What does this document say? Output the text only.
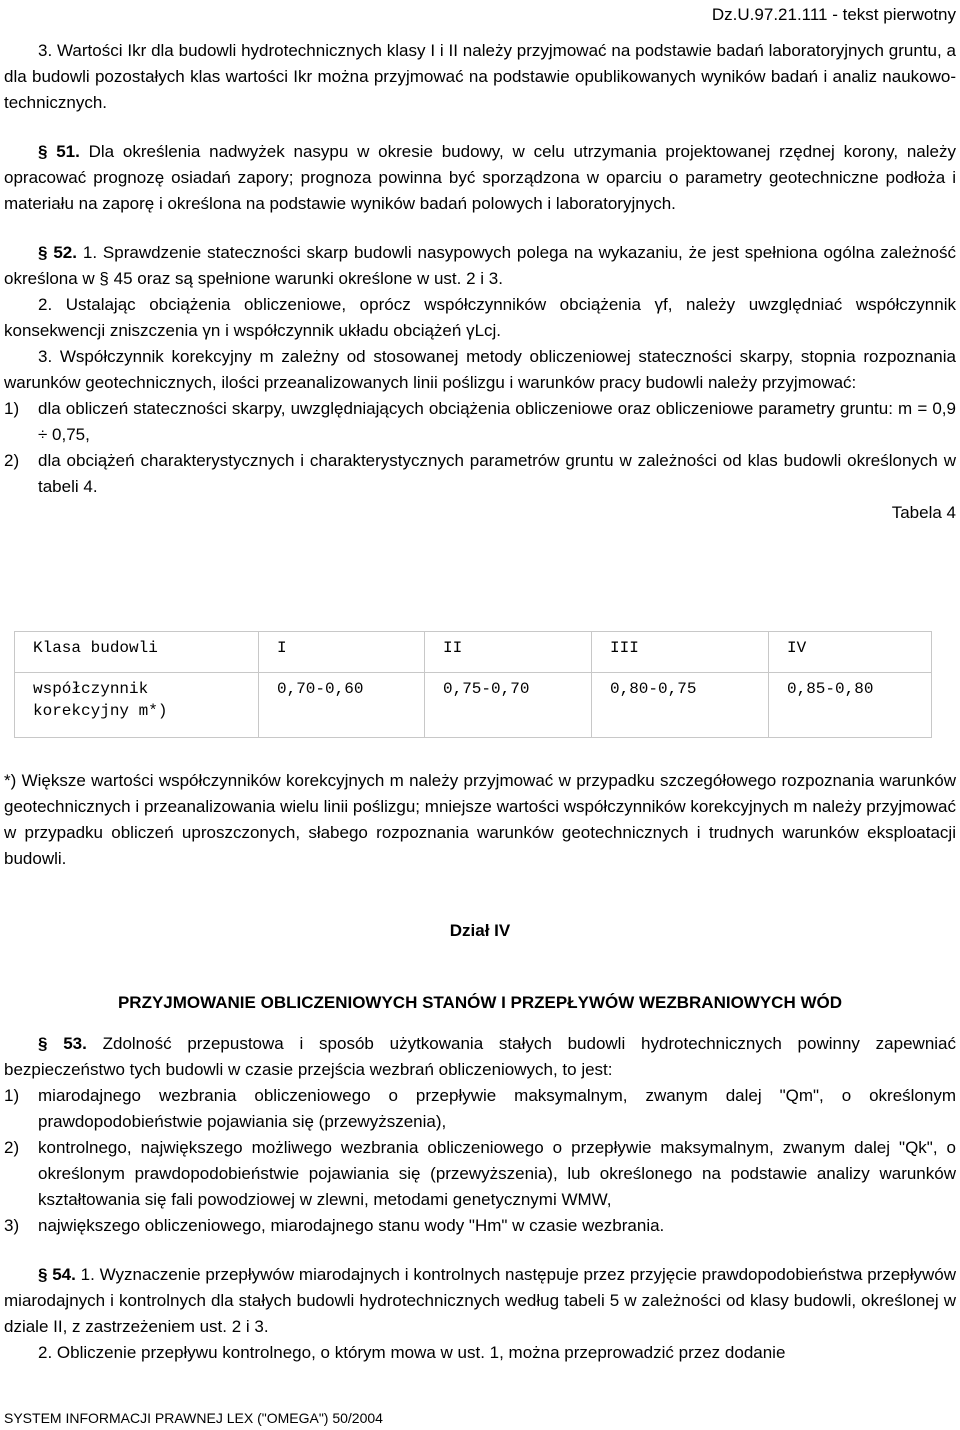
Dz.U.97.21.111 - tekst pierwotny

3. Wartości Ikr dla budowli hydrotechnicznych klasy I i II należy przyjmować na podstawie badań laboratoryjnych gruntu, a dla budowli pozostałych klas wartości Ikr można przyjmować na podstawie opublikowanych wyników badań i analiz naukowo-technicznych.

§ 51. Dla określenia nadwyżek nasypu w okresie budowy, w celu utrzymania projektowanej rzędnej korony, należy opracować prognozę osiadań zapory; prognoza powinna być sporządzona w oparciu o parametry geotechniczne podłoża i materiału na zaporę i określona na podstawie wyników badań polowych i laboratoryjnych.

§ 52. 1. Sprawdzenie stateczności skarp budowli nasypowych polega na wykazaniu, że jest spełniona ogólna zależność określona w § 45 oraz są spełnione warunki określone w ust. 2 i 3.

2. Ustalając obciążenia obliczeniowe, oprócz współczynników obciążenia γf, należy uwzględniać współczynnik konsekwencji zniszczenia γn i współczynnik układu obciążeń γLcj.

3. Współczynnik korekcyjny m zależny od stosowanej metody obliczeniowej stateczności skarpy, stopnia rozpoznania warunków geotechnicznych, ilości przeanalizowanych linii poślizgu i warunków pracy budowli należy przyjmować:

1) dla obliczeń stateczności skarpy, uwzględniających obciążenia obliczeniowe oraz obliczeniowe parametry gruntu: m = 0,9 ÷ 0,75,

2) dla obciążeń charakterystycznych i charakterystycznych parametrów gruntu w zależności od klas budowli określonych w tabeli 4.

Tabela 4

Klasa budowli	I	II	III	IV
współczynnik korekcyjny m*)	0,70-0,60	0,75-0,70	0,80-0,75	0,85-0,80

*) Większe wartości współczynników korekcyjnych m należy przyjmować w przypadku szczegółowego rozpoznania warunków geotechnicznych i przeanalizowania wielu linii poślizgu; mniejsze wartości współczynników korekcyjnych m należy przyjmować w przypadku obliczeń uproszczonych, słabego rozpoznania warunków geotechnicznych i trudnych warunków eksploatacji budowli.

Dział IV
PRZYJMOWANIE OBLICZENIOWYCH STANÓW I PRZEPŁYWÓW WEZBRANIOWYCH WÓD

§ 53. Zdolność przepustowa i sposób użytkowania stałych budowli hydrotechnicznych powinny zapewniać bezpieczeństwo tych budowli w czasie przejścia wezbrań obliczeniowych, to jest:

1) miarodajnego wezbrania obliczeniowego o przepływie maksymalnym, zwanym dalej "Qm", o określonym prawdopodobieństwie pojawiania się (przewyższenia),

2) kontrolnego, największego możliwego wezbrania obliczeniowego o przepływie maksymalnym, zwanym dalej "Qk", o określonym prawdopodobieństwie pojawiania się (przewyższenia), lub określonego na podstawie analizy warunków kształtowania się fali powodziowej w zlewni, metodami genetycznymi WMW,

3) największego obliczeniowego, miarodajnego stanu wody "Hm" w czasie wezbrania.

§ 54. 1. Wyznaczenie przepływów miarodajnych i kontrolnych następuje przez przyjęcie prawdopodobieństwa przepływów miarodajnych i kontrolnych dla stałych budowli hydrotechnicznych według tabeli 5 w zależności od klasy budowli, określonej w dziale II, z zastrzeżeniem ust. 2 i 3.

2. Obliczenie przepływu kontrolnego, o którym mowa w ust. 1, można przeprowadzić przez dodanie

SYSTEM INFORMACJI PRAWNEJ LEX ("OMEGA") 50/2004
